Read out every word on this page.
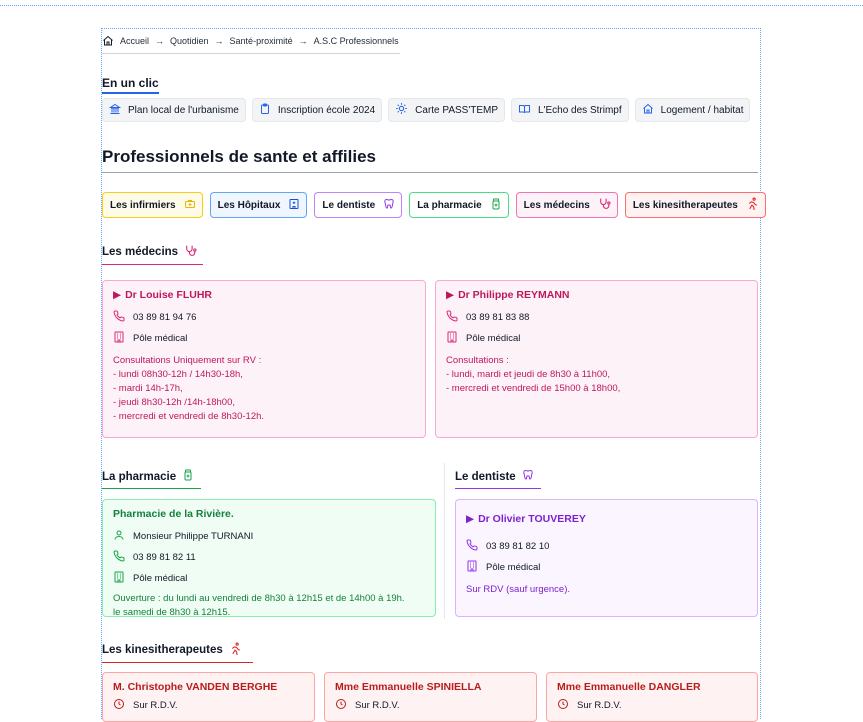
Accueil → Quotidien → Santé-proximité → A.S.C Professionnels
En un clic
Plan local de l'urbanisme	Inscription école 2024	Carte PASS'TEMP	L'Echo des Strimpf	Logement / habitat
Professionnels de sante et affilies
Les infirmiers	Les Hôpitaux	Le dentiste	La pharmacie	Les médecins	Les kinesitherapeutes
Les médecins
▶ Dr Louise FLUHR
03 89 81 94 76
Pôle médical
Consultations Uniquement sur RV :
- lundi 08h30-12h / 14h30-18h,
- mardi 14h-17h,
- jeudi 8h30-12h /14h-18h00,
- mercredi et vendredi de 8h30-12h.
▶ Dr Philippe REYMANN
03 89 81 83 88
Pôle médical
Consultations :
- lundi, mardi et jeudi de 8h30 à 11h00,
- mercredi et vendredi de 15h00 à 18h00,
La pharmacie
Pharmacie de la Rivière.
Monsieur Philippe TURNANI
03 89 81 82 11
Pôle médical
Ouverture : du lundi au vendredi de 8h30 à 12h15 et de 14h00 à 19h.
le samedi de 8h30 à 12h15.
Le dentiste
▶ Dr Olivier TOUVEREY
03 89 81 82 10
Pôle médical
Sur RDV (sauf urgence).
Les kinesitherapeutes
M. Christophe VANDEN BERGHE
Sur R.D.V.
Mme Emmanuelle SPINIELLA
Sur R.D.V.
Mme Emmanuelle DANGLER
Sur R.D.V.
